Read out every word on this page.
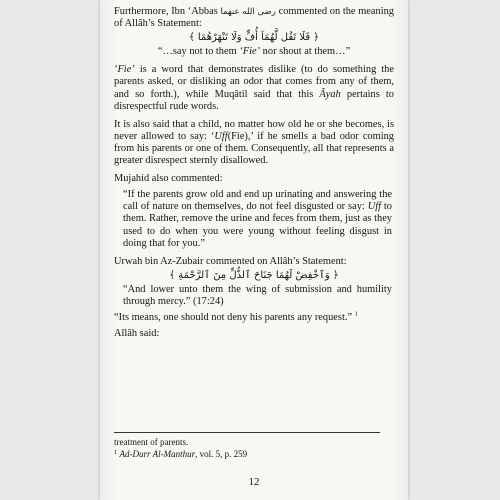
Furthermore, Ibn ‘Abbas رضى الله عنهما commented on the meaning of Allâh’s Statement:

﴿ فَلَا تَقُل لَّهُمَآ أُفٍّ وَلَا تَنْهَرْهُمَا ﴾

“…say not to them ‘Fie’ nor shout at them…”

‘Fie’ is a word that demonstrates dislike (to do something the parents asked, or disliking an odor that comes from any of them, and so forth.), while Muqâtil said that this Âyah pertains to disrespectful rude words.

It is also said that a child, no matter how old he or she becomes, is never allowed to say: ‘Uff(Fie),’ if he smells a bad odor coming from his parents or one of them. Consequently, all that represents a greater disrespect sternly disallowed.

Mujahid also commented:

“If the parents grow old and end up urinating and answering the call of nature on themselves, do not feel disgusted or say: Uff to them. Rather, remove the urine and feces from them, just as they used to do when you were young without feeling disgust in doing that for you.”

Urwah bin Az-Zubair commented on Allâh’s Statement:

﴿ وَٱخْفِضْ لَهُمَا جَنَاحَ ٱلذُّلِّ مِنَ ٱلرَّحْمَةِ ﴾

“And lower unto them the wing of submission and humility through mercy.” (17:24)

“Its means, one should not deny his parents any request.” $^1$

Allâh said:

treatment of parents.
$^1$ Ad-Durr Al-Manthur, vol. 5, p. 259
12
